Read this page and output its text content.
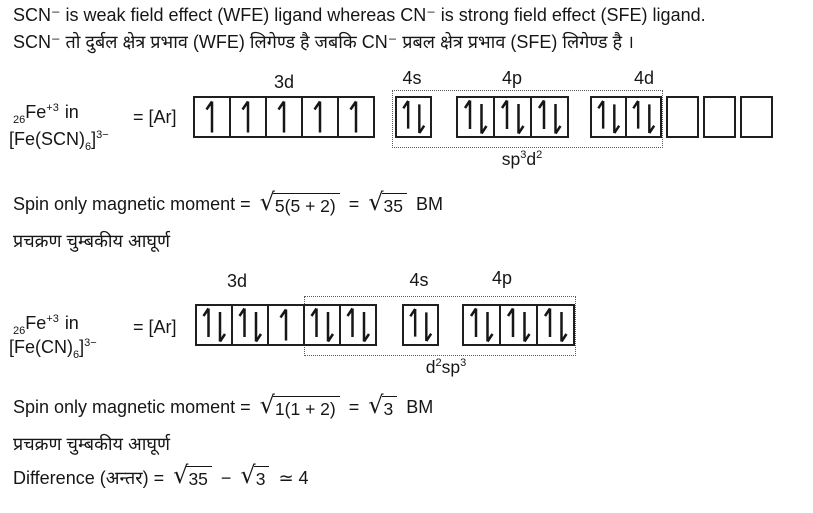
SCN⁻ is weak field effect (WFE) ligand whereas CN⁻ is strong field effect (SFE) ligand.
SCN⁻ तो दुर्बल क्षेत्र प्रभाव (WFE) लिगेण्ड है जबकि CN⁻ प्रबल क्षेत्र प्रभाव (SFE) लिगेण्ड है ।
$_{26}Fe^{+3}$ in
$[Fe(SCN)_6]^{3-}$
= [Ar]
3d	4s	4p	4d
$sp^3d^2$
Spin only magnetic moment = √ 5(5 + 2) = √ 35 BM
प्रचक्रण चुम्बकीय आघूर्ण
$_{26}Fe^{+3}$ in
$[Fe(CN)_6]^{3-}$
= [Ar]
3d	4s	4p
$d^2sp^3$
Spin only magnetic moment = √ 1(1 + 2) = √ 3 BM
प्रचक्रण चुम्बकीय आघूर्ण
Difference (अन्तर) = √ 35 − √ 3 ≃ 4
